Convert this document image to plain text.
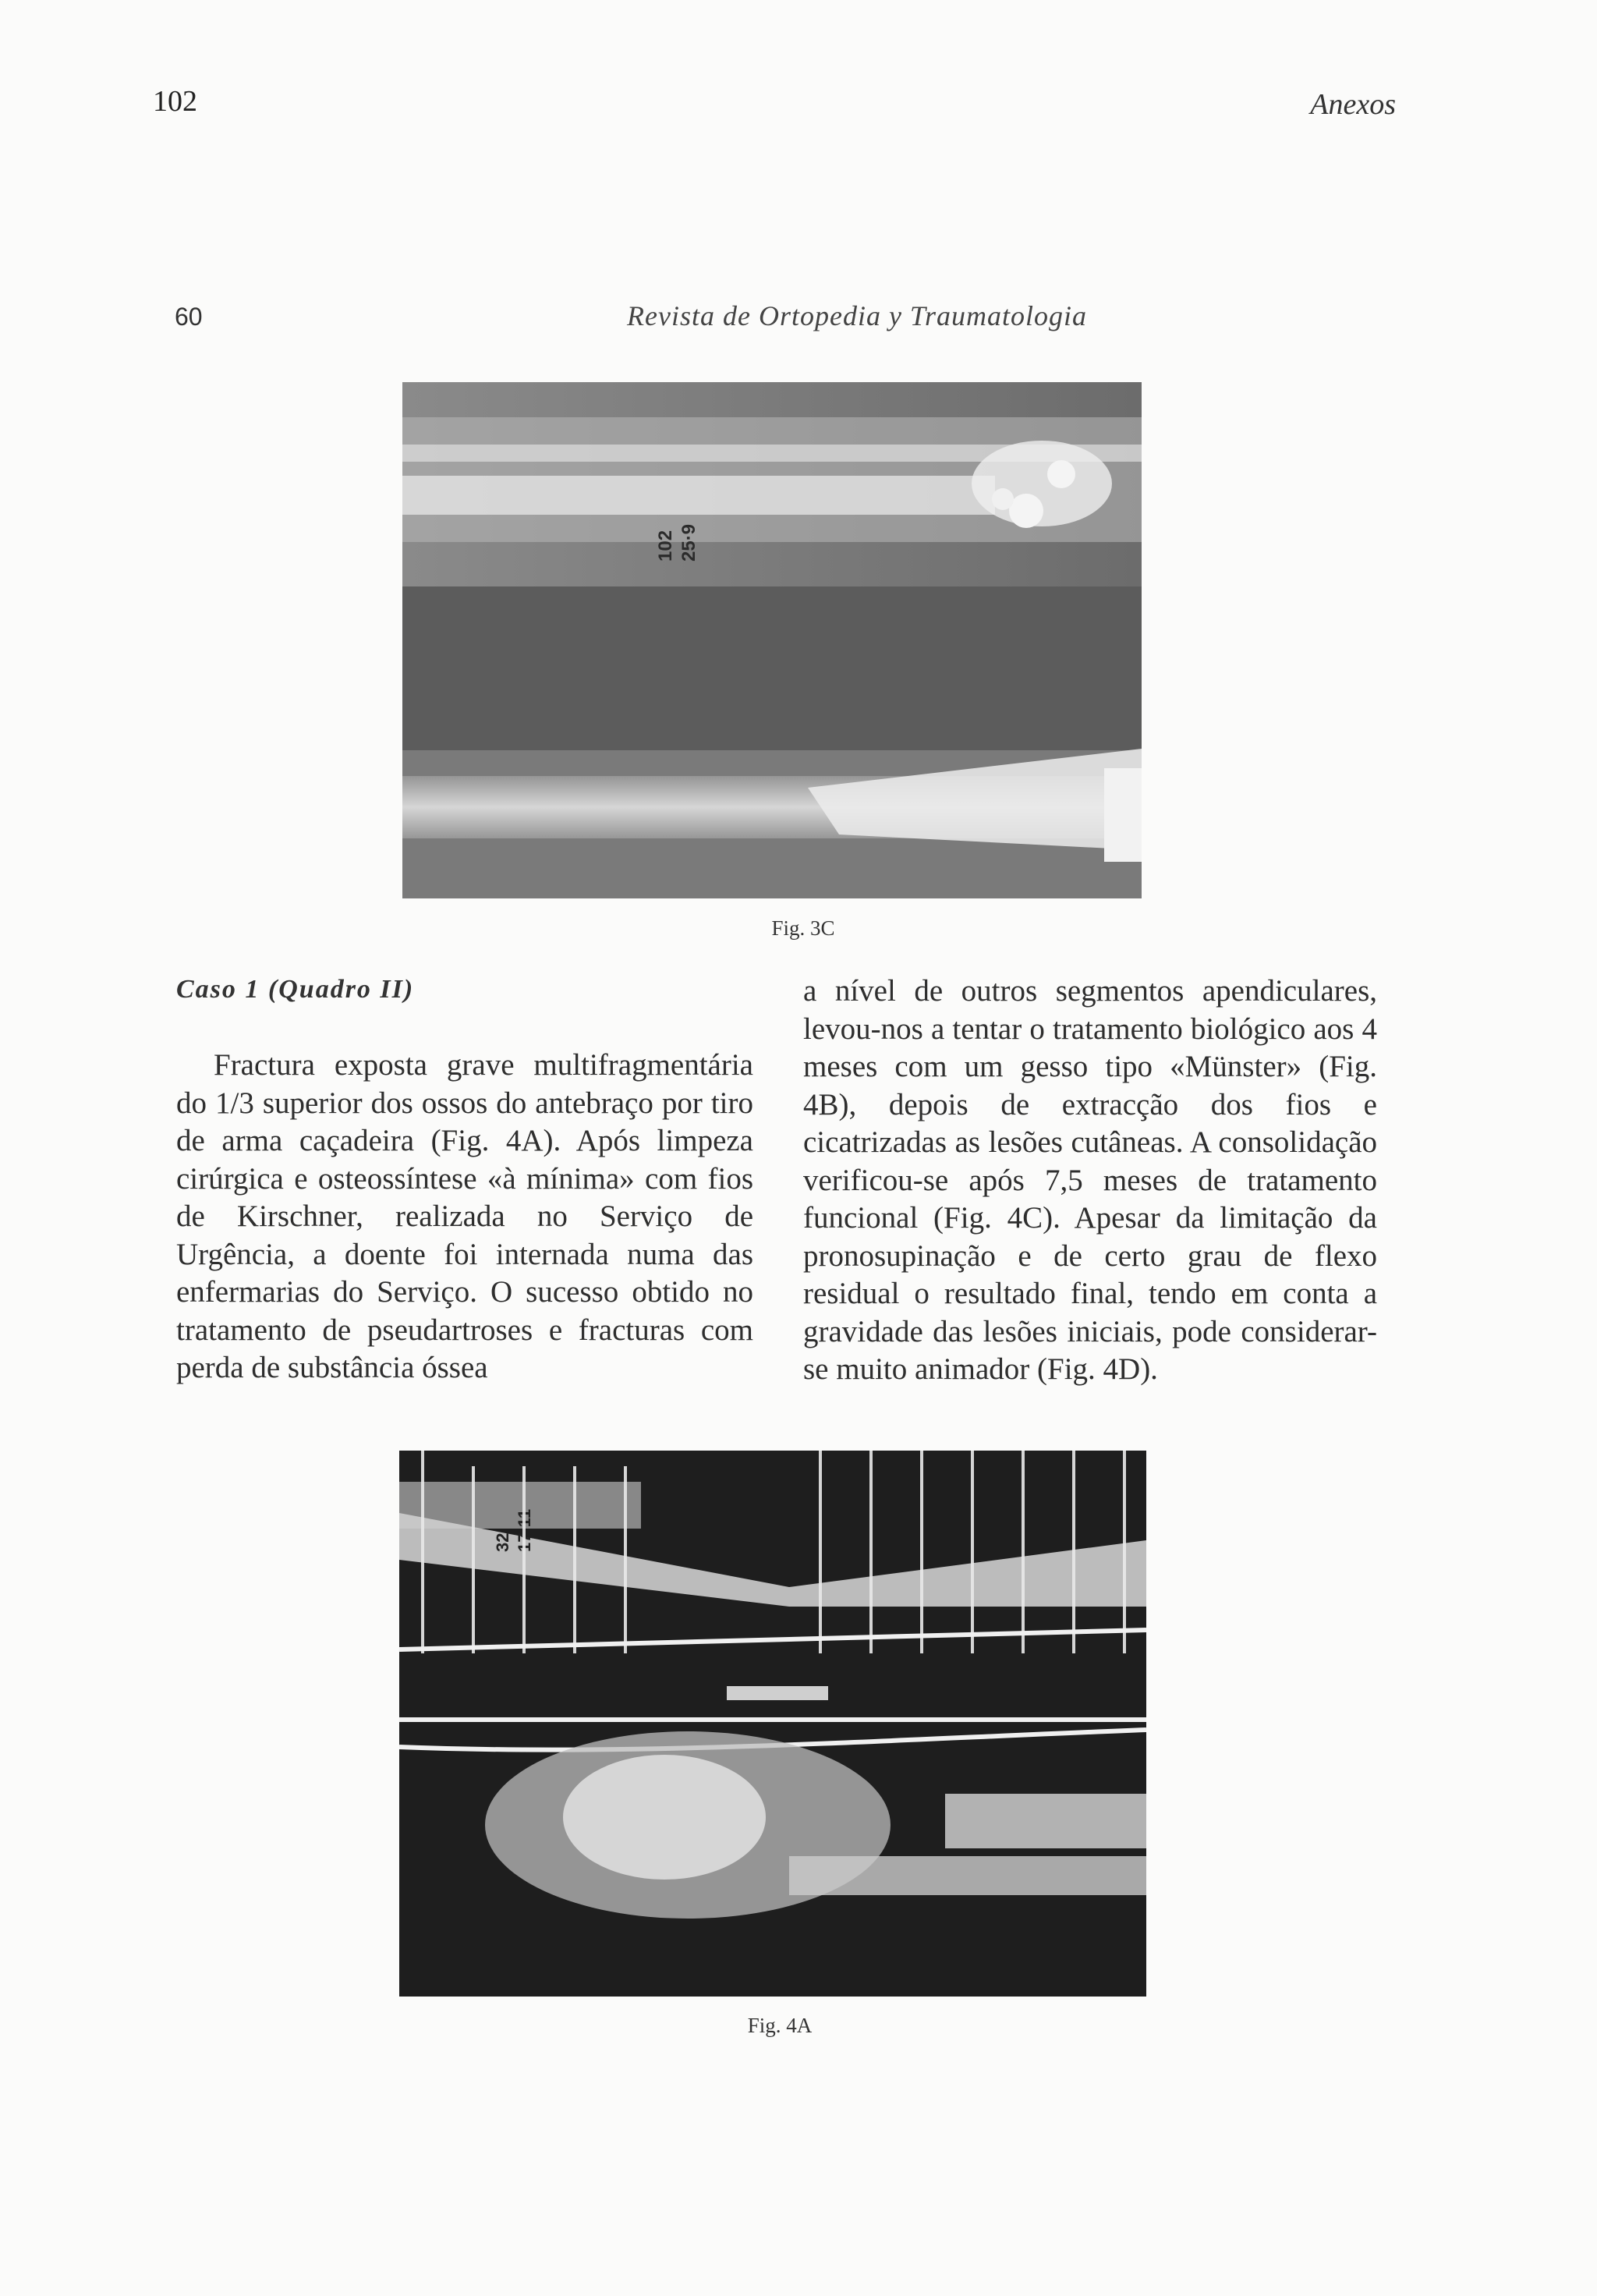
102	Anexos
60	Revista de Ortopedia y Traumatologia
102 25·9
Fig. 3C
Caso 1 (Quadro II)
Fractura exposta grave multifragmentária do 1/3 superior dos ossos do antebraço por tiro de arma caçadeira (Fig. 4A). Após limpeza cirúrgica e osteossíntese «à mínima» com fios de Kirschner, realizada no Serviço de Urgência, a doente foi internada numa das enfermarias do Serviço. O sucesso obtido no tratamento de pseudartroses e fracturas com perda de substância óssea
a nível de outros segmentos apendiculares, levou-nos a tentar o tratamento biológico aos 4 meses com um gesso tipo «Münster» (Fig. 4B), depois de extracção dos fios e cicatrizadas as lesões cutâneas. A consolidação verificou-se após 7,5 meses de tratamento funcional (Fig. 4C). Apesar da limitação da pronosupinação e de certo grau de flexo residual o resultado final, tendo em conta a gravidade das lesões iniciais, pode considerar-se muito animador (Fig. 4D).
32 17·11
Fig. 4A
